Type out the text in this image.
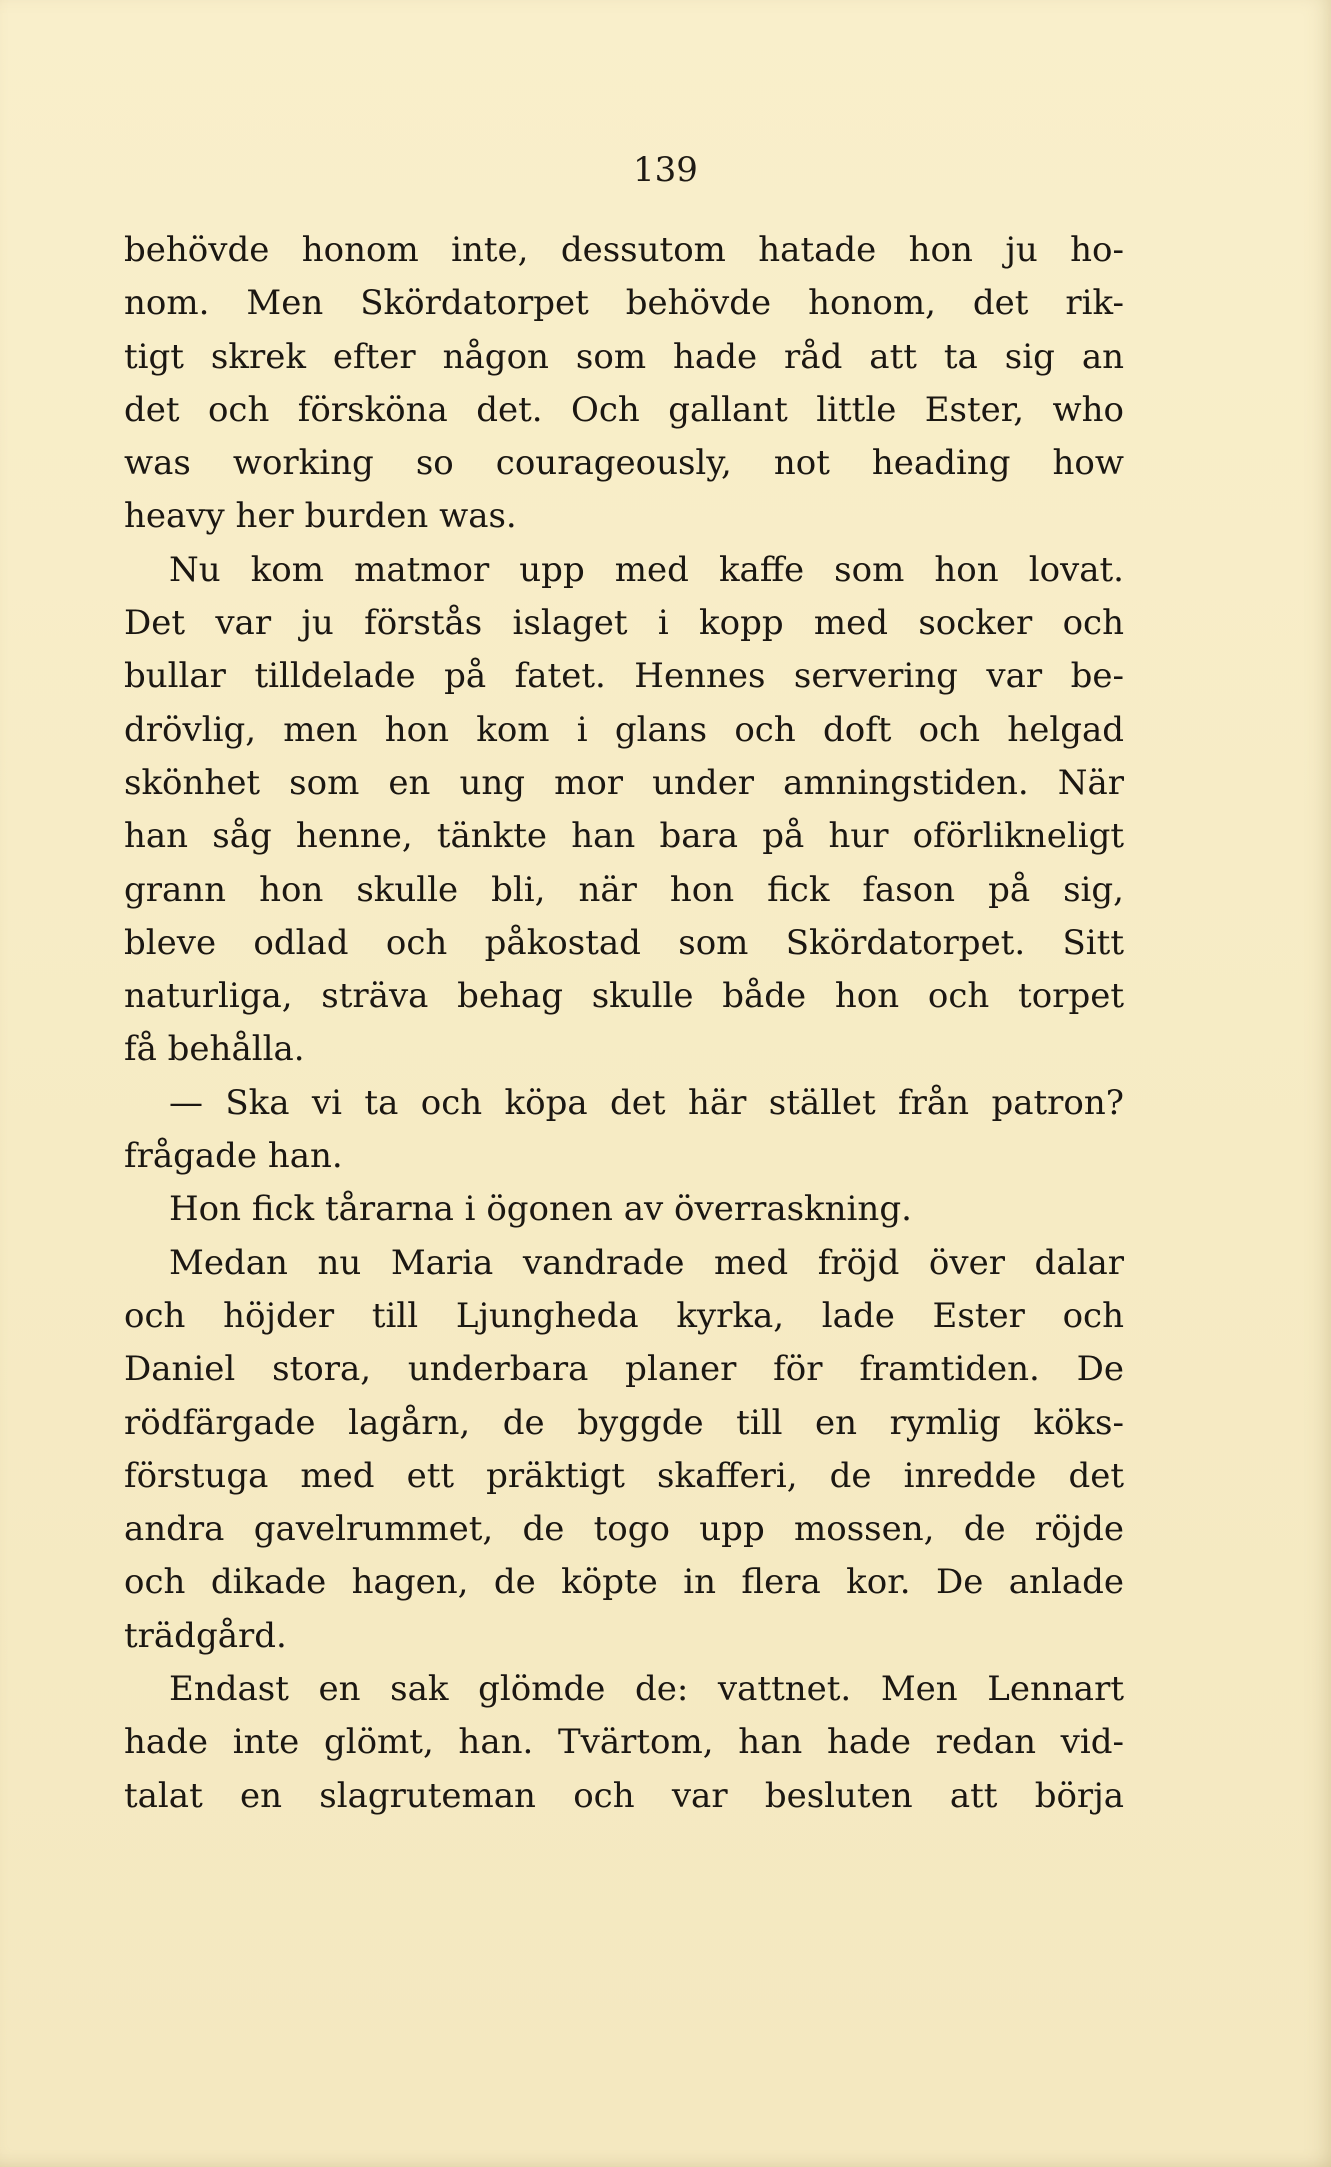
139
behövde honom inte, dessutom hatade hon ju ho-
nom. Men Skördatorpet behövde honom, det rik-
tigt skrek efter någon som hade råd att ta sig an
det och försköna det. Och gallant little Ester, who
was working so courageously, not heading how
heavy her burden was.
Nu kom matmor upp med kaffe som hon lovat.
Det var ju förstås islaget i kopp med socker och
bullar tilldelade på fatet. Hennes servering var be-
drövlig, men hon kom i glans och doft och helgad
skönhet som en ung mor under amningstiden. När
han såg henne, tänkte han bara på hur oförlikneligt
grann hon skulle bli, när hon fick fason på sig,
bleve odlad och påkostad som Skördatorpet. Sitt
naturliga, sträva behag skulle både hon och torpet
få behålla.
— Ska vi ta och köpa det här stället från patron?
frågade han.
Hon fick tårarna i ögonen av överraskning.
Medan nu Maria vandrade med fröjd över dalar
och höjder till Ljungheda kyrka, lade Ester och
Daniel stora, underbara planer för framtiden. De
rödfärgade lagårn, de byggde till en rymlig köks-
förstuga med ett präktigt skafferi, de inredde det
andra gavelrummet, de togo upp mossen, de röjde
och dikade hagen, de köpte in flera kor. De anlade
trädgård.
Endast en sak glömde de: vattnet. Men Lennart
hade inte glömt, han. Tvärtom, han hade redan vid-
talat en slagruteman och var besluten att börja
